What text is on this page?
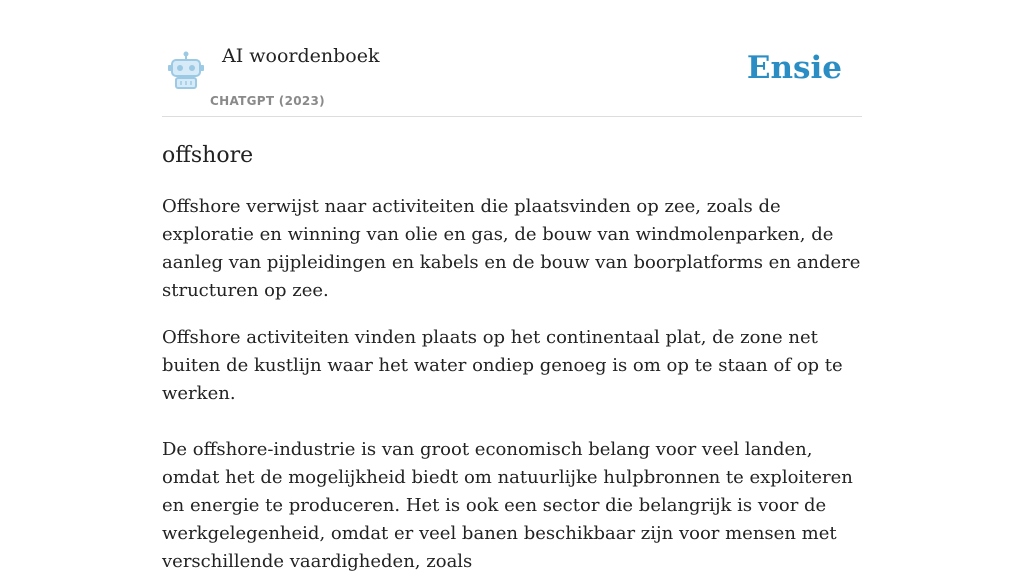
AI woordenboek
CHATGPT (2023)
Ensie
offshore

Offshore verwijst naar activiteiten die plaatsvinden op zee, zoals de exploratie en winning van olie en gas, de bouw van windmolenparken, de aanleg van pijpleidingen en kabels en de bouw van boorplatforms en andere structuren op zee.

Offshore activiteiten vinden plaats op het continentaal plat, de zone net buiten de kustlijn waar het water ondiep genoeg is om op te staan of op te werken.

De offshore-industrie is van groot economisch belang voor veel landen, omdat het de mogelijkheid biedt om natuurlijke hulpbronnen te exploiteren en energie te produceren. Het is ook een sector die belangrijk is voor de werkgelegenheid, omdat er veel banen beschikbaar zijn voor mensen met verschillende vaardigheden, zoals
